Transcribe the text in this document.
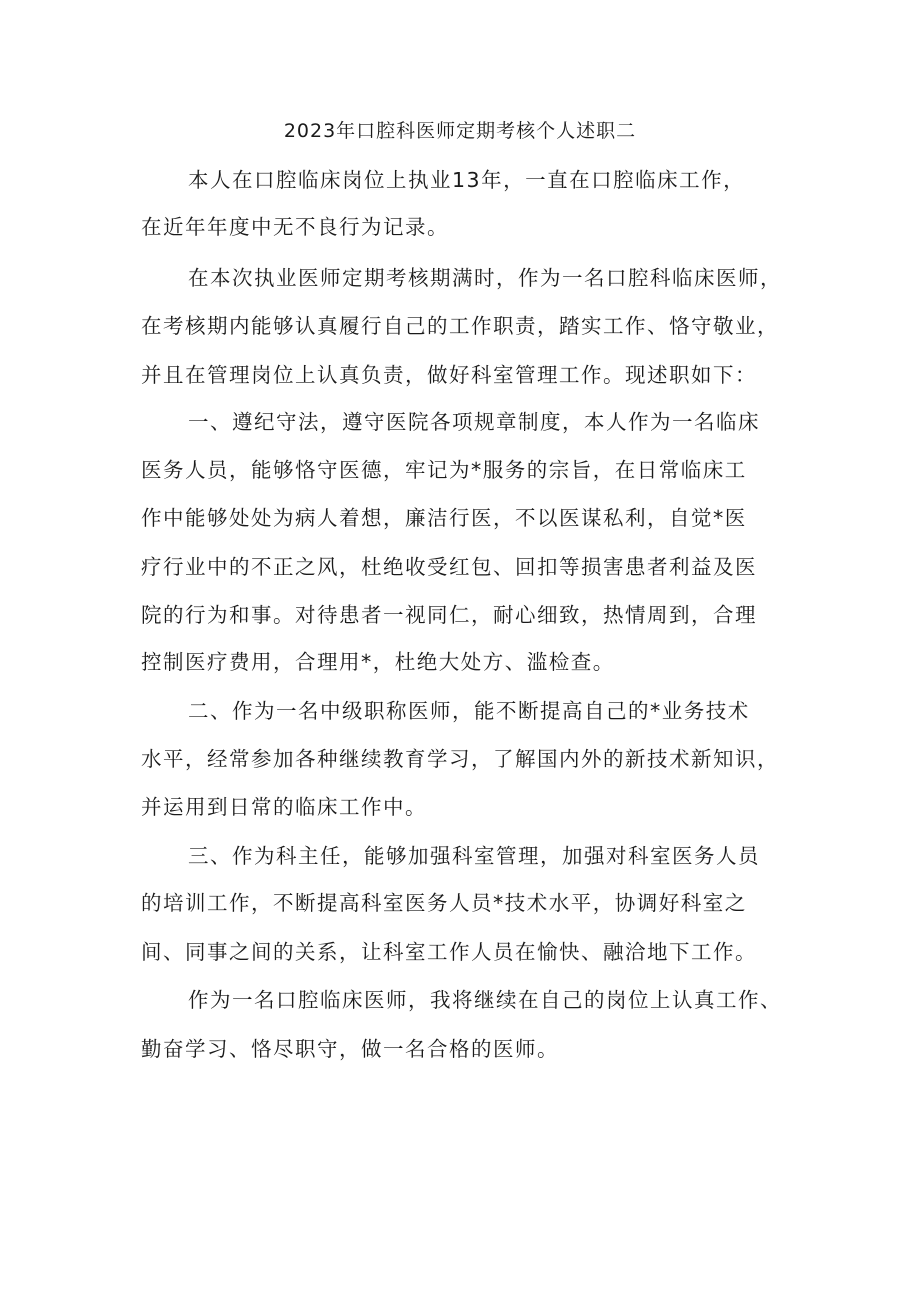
2023年口腔科医师定期考核个人述职二
本人在口腔临床岗位上执业13年，一直在口腔临床工作，
在近年年度中无不良行为记录。
在本次执业医师定期考核期满时，作为一名口腔科临床医师，
在考核期内能够认真履行自己的工作职责，踏实工作、恪守敬业，
并且在管理岗位上认真负责，做好科室管理工作。现述职如下：
一、遵纪守法，遵守医院各项规章制度，本人作为一名临床
医务人员，能够恪守医德，牢记为*服务的宗旨，在日常临床工
作中能够处处为病人着想，廉洁行医，不以医谋私利，自觉*医
疗行业中的不正之风，杜绝收受红包、回扣等损害患者利益及医
院的行为和事。对待患者一视同仁，耐心细致，热情周到，合理
控制医疗费用，合理用*，杜绝大处方、滥检查。
二、作为一名中级职称医师，能不断提高自己的*业务技术
水平，经常参加各种继续教育学习，了解国内外的新技术新知识，
并运用到日常的临床工作中。
三、作为科主任，能够加强科室管理，加强对科室医务人员
的培训工作，不断提高科室医务人员*技术水平，协调好科室之
间、同事之间的关系，让科室工作人员在愉快、融洽地下工作。
作为一名口腔临床医师，我将继续在自己的岗位上认真工作、
勤奋学习、恪尽职守，做一名合格的医师。
